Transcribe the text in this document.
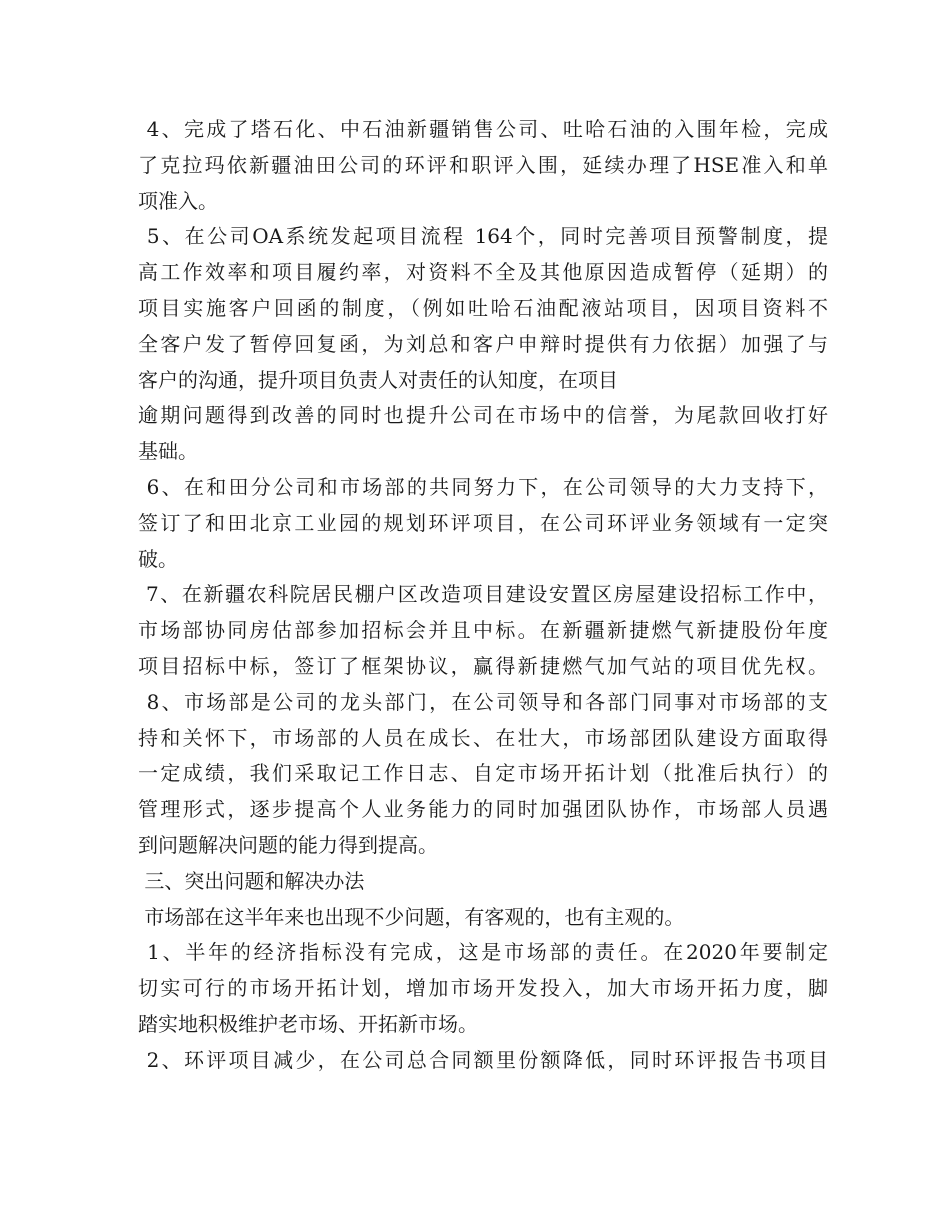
4、完成了塔石化、中石油新疆销售公司、吐哈石油的入围年检，完成
了克拉玛依新疆油田公司的环评和职评入围，延续办理了HSE准入和单
项准入。
5、在公司OA系统发起项目流程 164个，同时完善项目预警制度，提
高工作效率和项目履约率，对资料不全及其他原因造成暂停（延期）的
项目实施客户回函的制度，（例如吐哈石油配液站项目，因项目资料不
全客户发了暂停回复函，为刘总和客户申辩时提供有力依据）加强了与
客户的沟通，提升项目负责人对责任的认知度，在项目
逾期问题得到改善的同时也提升公司在市场中的信誉，为尾款回收打好
基础。
6、在和田分公司和市场部的共同努力下，在公司领导的大力支持下，
签订了和田北京工业园的规划环评项目，在公司环评业务领域有一定突
破。
7、在新疆农科院居民棚户区改造项目建设安置区房屋建设招标工作中，
市场部协同房估部参加招标会并且中标。在新疆新捷燃气新捷股份年度
项目招标中标，签订了框架协议，赢得新捷燃气加气站的项目优先权。
8、市场部是公司的龙头部门，在公司领导和各部门同事对市场部的支
持和关怀下，市场部的人员在成长、在壮大，市场部团队建设方面取得
一定成绩，我们采取记工作日志、自定市场开拓计划（批准后执行）的
管理形式，逐步提高个人业务能力的同时加强团队协作，市场部人员遇
到问题解决问题的能力得到提高。
三、突出问题和解决办法
市场部在这半年来也出现不少问题，有客观的，也有主观的。
1、半年的经济指标没有完成，这是市场部的责任。在2020年要制定
切实可行的市场开拓计划，增加市场开发投入，加大市场开拓力度，脚
踏实地积极维护老市场、开拓新市场。
2、环评项目减少，在公司总合同额里份额降低，同时环评报告书项目
